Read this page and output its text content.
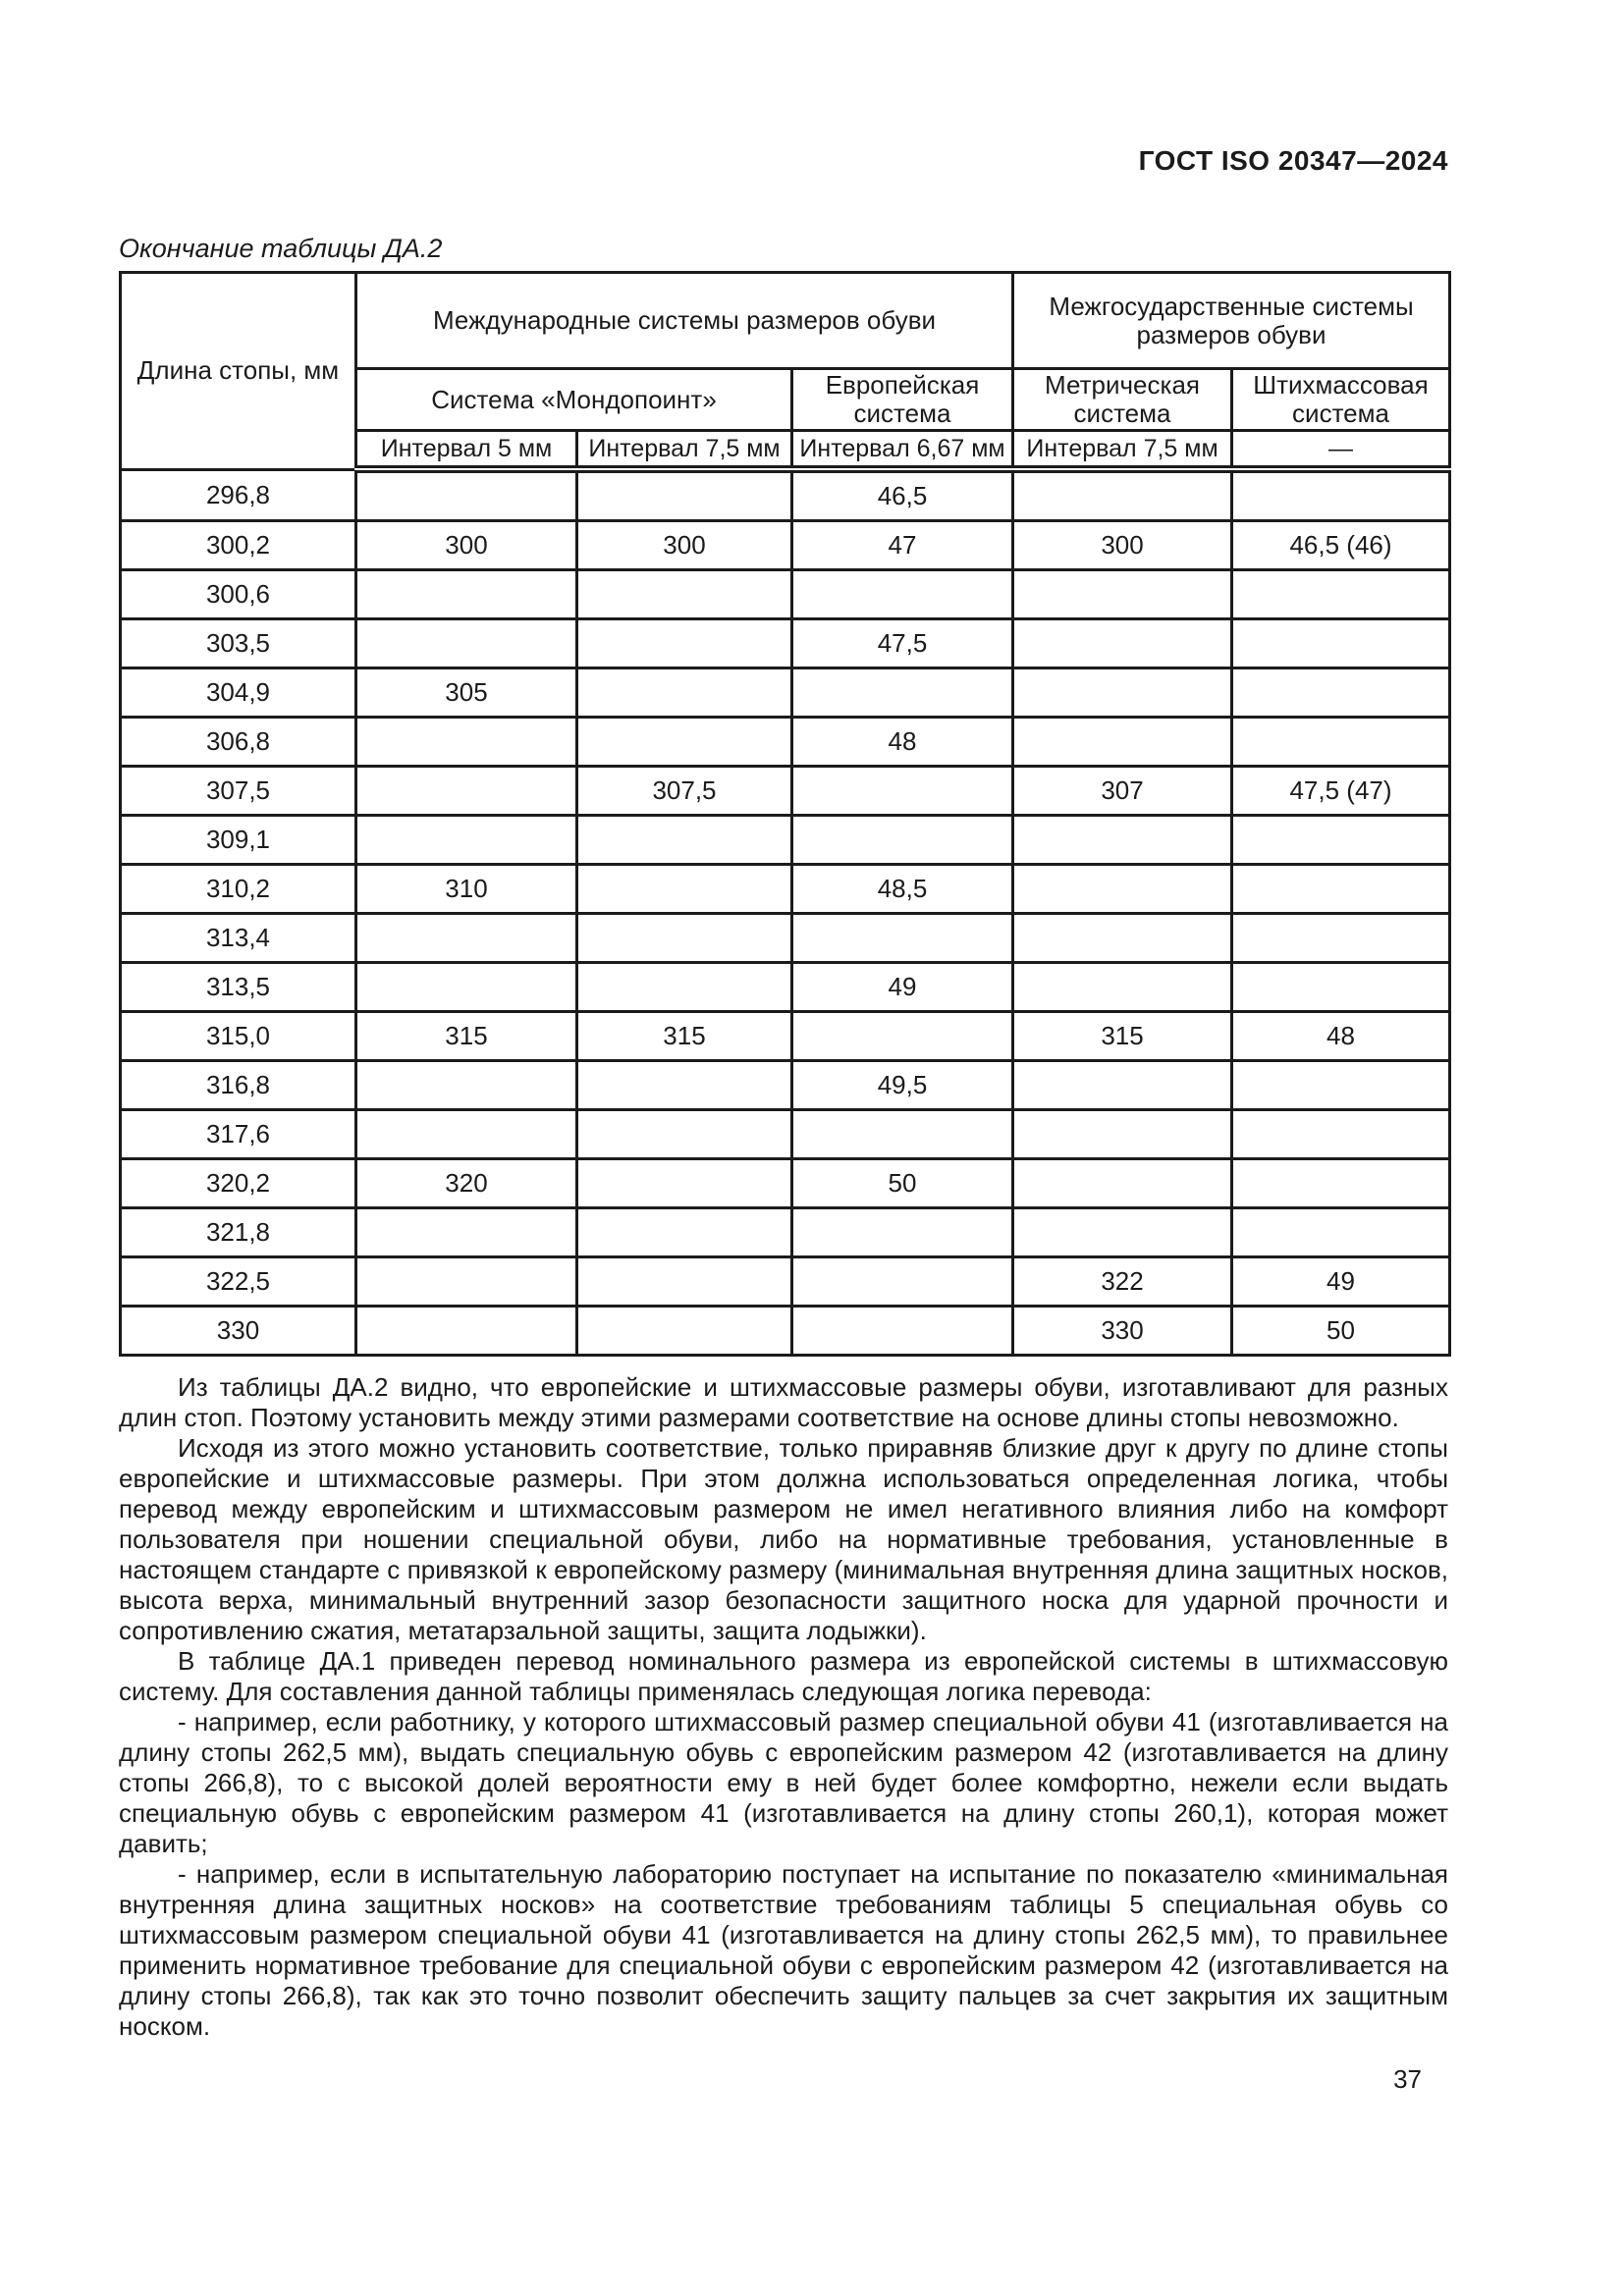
ГОСТ ISO 20347—2024
Окончание таблицы ДА.2
Длина стопы, мм	Международные системы размеров обуви			Межгосударственные системы размеров обуви	
	Система «Мондопоинт»		Европейская система	Метрическая система	Штихмассовая система
	Интервал 5 мм	Интервал 7,5 мм	Интервал 6,67 мм	Интервал 7,5 мм	—
296,8			46,5		
300,2	300	300	47	300	46,5 (46)
300,6					
303,5			47,5		
304,9	305				
306,8			48		
307,5		307,5		307	47,5 (47)
309,1					
310,2	310		48,5		
313,4					
313,5			49		
315,0	315	315		315	48
316,8			49,5		
317,6					
320,2	320		50		
321,8					
322,5				322	49
330				330	50

Из таблицы ДА.2 видно, что европейские и штихмассовые размеры обуви, изготавливают для разных длин стоп. Поэтому установить между этими размерами соответствие на основе длины стопы невозможно.

Исходя из этого можно установить соответствие, только приравняв близкие друг к другу по длине стопы европейские и штихмассовые размеры. При этом должна использоваться определенная логика, чтобы перевод между европейским и штихмассовым размером не имел негативного влияния либо на комфорт пользователя при ношении специальной обуви, либо на нормативные требования, установленные в настоящем стандарте с привязкой к европейскому размеру (минимальная внутренняя длина защитных носков, высота верха, минимальный внутренний зазор безопасности защитного носка для ударной прочности и сопротивлению сжатия, метатарзальной защиты, защита лодыжки).

В таблице ДА.1 приведен перевод номинального размера из европейской системы в штихмассовую систему. Для составления данной таблицы применялась следующая логика перевода:

- например, если работнику, у которого штихмассовый размер специальной обуви 41 (изготавливается на длину стопы 262,5 мм), выдать специальную обувь с европейским размером 42 (изготавливается на длину стопы 266,8), то с высокой долей вероятности ему в ней будет более комфортно, нежели если выдать специальную обувь с европейским размером 41 (изготавливается на длину стопы 260,1), которая может давить;

- например, если в испытательную лабораторию поступает на испытание по показателю «минимальная внутренняя длина защитных носков» на соответствие требованиям таблицы 5 специальная обувь со штихмассовым размером специальной обуви 41 (изготавливается на длину стопы 262,5 мм), то правильнее применить нормативное требование для специальной обуви с европейским размером 42 (изготавливается на длину стопы 266,8), так как это точно позволит обеспечить защиту пальцев за счет закрытия их защитным носком.

37
